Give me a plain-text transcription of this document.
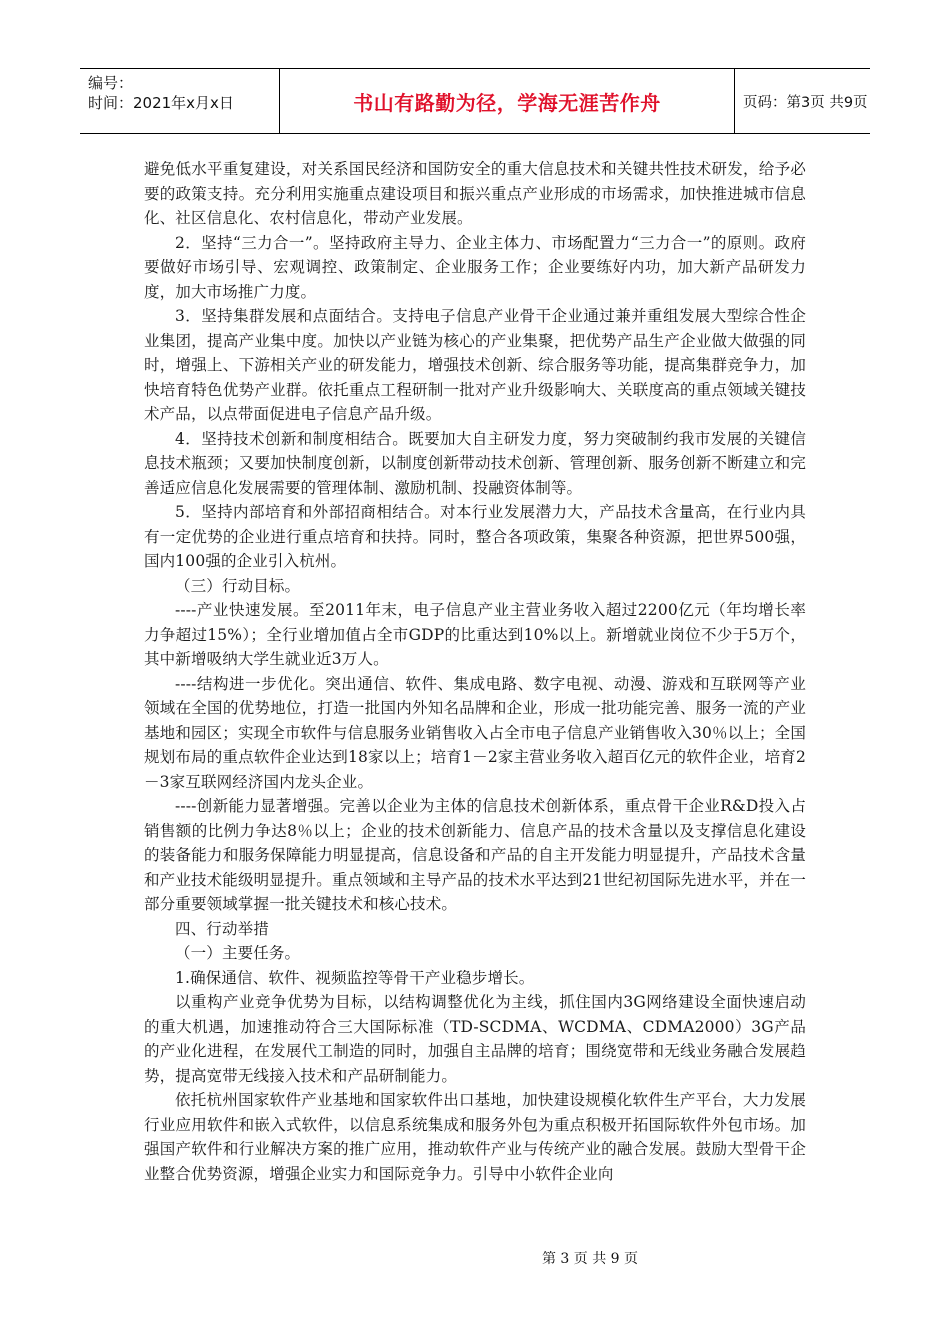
编号：
时间：2021年x月x日	书山有路勤为径，学海无涯苦作舟	页码：第3页 共9页

避免低水平重复建设，对关系国民经济和国防安全的重大信息技术和关键共性技术研发，给予必要的政策支持。充分利用实施重点建设项目和振兴重点产业形成的市场需求，加快推进城市信息化、社区信息化、农村信息化，带动产业发展。

2．坚持“三力合一”。坚持政府主导力、企业主体力、市场配置力“三力合一”的原则。政府要做好市场引导、宏观调控、政策制定、企业服务工作；企业要练好内功，加大新产品研发力度，加大市场推广力度。

3．坚持集群发展和点面结合。支持电子信息产业骨干企业通过兼并重组发展大型综合性企业集团，提高产业集中度。加快以产业链为核心的产业集聚，把优势产品生产企业做大做强的同时，增强上、下游相关产业的研发能力，增强技术创新、综合服务等功能，提高集群竞争力，加快培育特色优势产业群。依托重点工程研制一批对产业升级影响大、关联度高的重点领域关键技术产品，以点带面促进电子信息产品升级。

4．坚持技术创新和制度相结合。既要加大自主研发力度，努力突破制约我市发展的关键信息技术瓶颈；又要加快制度创新，以制度创新带动技术创新、管理创新、服务创新不断建立和完善适应信息化发展需要的管理体制、激励机制、投融资体制等。

5．坚持内部培育和外部招商相结合。对本行业发展潜力大，产品技术含量高，在行业内具有一定优势的企业进行重点培育和扶持。同时，整合各项政策，集聚各种资源，把世界500强，国内100强的企业引入杭州。

（三）行动目标。

----产业快速发展。至2011年末，电子信息产业主营业务收入超过2200亿元（年均增长率力争超过15%）；全行业增加值占全市GDP的比重达到10%以上。新增就业岗位不少于5万个，其中新增吸纳大学生就业近3万人。

----结构进一步优化。突出通信、软件、集成电路、数字电视、动漫、游戏和互联网等产业领域在全国的优势地位，打造一批国内外知名品牌和企业，形成一批功能完善、服务一流的产业基地和园区；实现全市软件与信息服务业销售收入占全市电子信息产业销售收入30％以上；全国规划布局的重点软件企业达到18家以上；培育1－2家主营业务收入超百亿元的软件企业，培育2－3家互联网经济国内龙头企业。

----创新能力显著增强。完善以企业为主体的信息技术创新体系，重点骨干企业R&D投入占销售额的比例力争达8％以上；企业的技术创新能力、信息产品的技术含量以及支撑信息化建设的装备能力和服务保障能力明显提高，信息设备和产品的自主开发能力明显提升，产品技术含量和产业技术能级明显提升。重点领域和主导产品的技术水平达到21世纪初国际先进水平，并在一部分重要领域掌握一批关键技术和核心技术。

四、行动举措

（一）主要任务。

1.确保通信、软件、视频监控等骨干产业稳步增长。

以重构产业竞争优势为目标，以结构调整优化为主线，抓住国内3G网络建设全面快速启动的重大机遇，加速推动符合三大国际标准（TD-SCDMA、WCDMA、CDMA2000）3G产品的产业化进程，在发展代工制造的同时，加强自主品牌的培育；围绕宽带和无线业务融合发展趋势，提高宽带无线接入技术和产品研制能力。

依托杭州国家软件产业基地和国家软件出口基地，加快建设规模化软件生产平台，大力发展行业应用软件和嵌入式软件，以信息系统集成和服务外包为重点积极开拓国际软件外包市场。加强国产软件和行业解决方案的推广应用，推动软件产业与传统产业的融合发展。鼓励大型骨干企业整合优势资源，增强企业实力和国际竞争力。引导中小软件企业向

第 3 页 共 9 页
